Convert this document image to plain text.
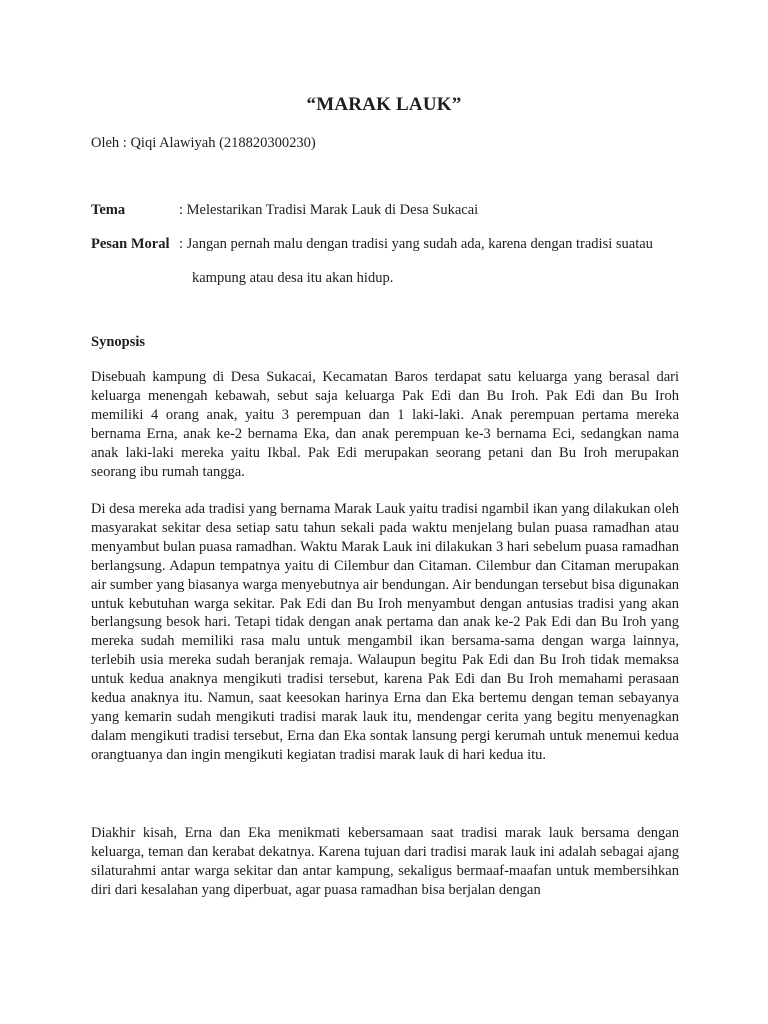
“MARAK LAUK”
Oleh : Qiqi Alawiyah (218820300230)
Tema	: Melestarikan Tradisi Marak Lauk di Desa Sukacai
Pesan Moral : Jangan pernah malu dengan tradisi yang sudah ada, karena dengan tradisi suatau
kampung atau desa itu akan hidup.
Synopsis

Disebuah kampung di Desa Sukacai, Kecamatan Baros terdapat satu keluarga yang berasal dari keluarga menengah kebawah, sebut saja keluarga Pak Edi dan Bu Iroh. Pak Edi dan Bu Iroh memiliki 4 orang anak, yaitu 3 perempuan dan 1 laki-laki. Anak perempuan pertama mereka bernama Erna, anak ke-2 bernama Eka, dan anak perempuan ke-3 bernama Eci, sedangkan nama anak laki-laki mereka yaitu Ikbal. Pak Edi merupakan seorang petani dan Bu Iroh merupakan seorang ibu rumah tangga.

Di desa mereka ada tradisi yang bernama Marak Lauk yaitu tradisi ngambil ikan yang dilakukan oleh masyarakat sekitar desa setiap satu tahun sekali pada waktu menjelang bulan puasa ramadhan atau menyambut bulan puasa ramadhan. Waktu Marak Lauk ini dilakukan 3 hari sebelum puasa ramadhan berlangsung. Adapun tempatnya yaitu di Cilembur dan Citaman. Cilembur dan Citaman merupakan air sumber yang biasanya warga menyebutnya air bendungan. Air bendungan tersebut bisa digunakan untuk kebutuhan warga sekitar. Pak Edi dan Bu Iroh menyambut dengan antusias tradisi yang akan berlangsung besok hari. Tetapi tidak dengan anak pertama dan anak ke-2 Pak Edi dan Bu Iroh yang mereka sudah memiliki rasa malu untuk mengambil ikan bersama-sama dengan warga lainnya, terlebih usia mereka sudah beranjak remaja. Walaupun begitu Pak Edi dan Bu Iroh tidak memaksa untuk kedua anaknya mengikuti tradisi tersebut, karena Pak Edi dan Bu Iroh memahami perasaan kedua anaknya itu. Namun, saat keesokan harinya Erna dan Eka bertemu dengan teman sebayanya yang kemarin sudah mengikuti tradisi marak lauk itu, mendengar cerita yang begitu menyenagkan dalam mengikuti tradisi tersebut, Erna dan Eka sontak lansung pergi kerumah untuk menemui kedua orangtuanya dan ingin mengikuti kegiatan tradisi marak lauk di hari kedua itu.

Diakhir kisah, Erna dan Eka menikmati kebersamaan saat tradisi marak lauk bersama dengan keluarga, teman dan kerabat dekatnya. Karena tujuan dari tradisi marak lauk ini adalah sebagai ajang silaturahmi antar warga sekitar dan antar kampung, sekaligus bermaaf-maafan untuk membersihkan diri dari kesalahan yang diperbuat, agar puasa ramadhan bisa berjalan dengan
